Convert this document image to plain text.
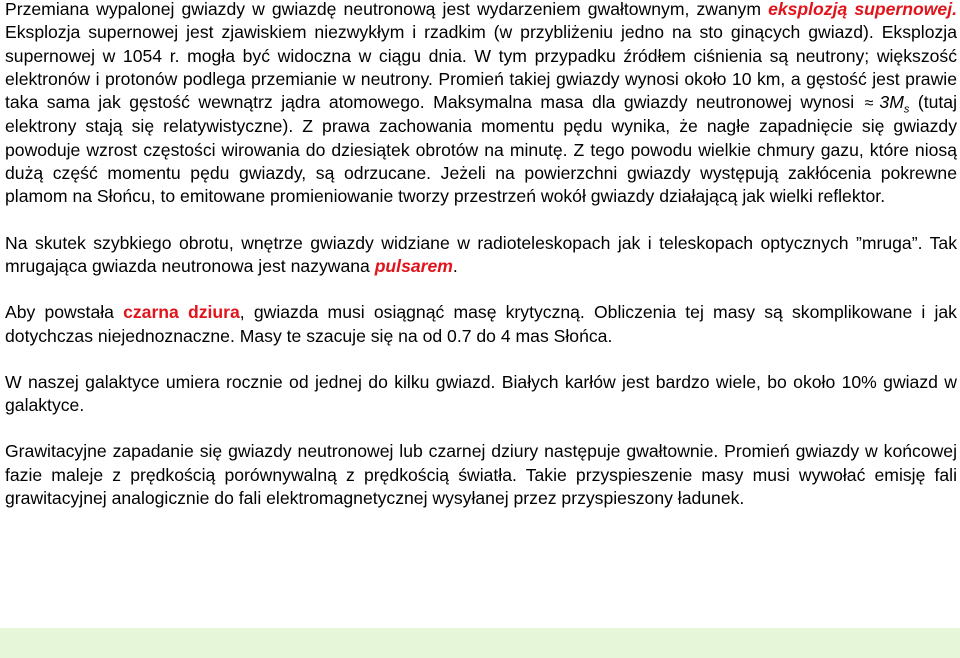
Przemiana wypalonej gwiazdy w gwiazdę neutronową jest wydarzeniem gwałtownym, zwanym eksplozją supernowej. Eksplozja supernowej jest zjawiskiem niezwykłym i rzadkim (w przybliżeniu jedno na sto ginących gwiazd). Eksplozja supernowej w 1054 r. mogła być widoczna w ciągu dnia. W tym przypadku źródłem ciśnienia są neutrony; większość elektronów i protonów podlega przemianie w neutrony. Promień takiej gwiazdy wynosi około 10 km, a gęstość jest prawie taka sama jak gęstość wewnątrz jądra atomowego. Maksymalna masa dla gwiazdy neutronowej wynosi ≈ $3M_s$ (tutaj elektrony stają się relatywistyczne). Z prawa zachowania momentu pędu wynika, że nagłe zapadnięcie się gwiazdy powoduje wzrost częstości wirowania do dziesiątek obrotów na minutę. Z tego powodu wielkie chmury gazu, które niosą dużą część momentu pędu gwiazdy, są odrzucane. Jeżeli na powierzchni gwiazdy występują zakłócenia pokrewne plamom na Słońcu, to emitowane promieniowanie tworzy przestrzeń wokół gwiazdy działającą jak wielki reflektor.

Na skutek szybkiego obrotu, wnętrze gwiazdy widziane w radioteleskopach jak i teleskopach optycznych ”mruga”. Tak mrugająca gwiazda neutronowa jest nazywana pulsarem.

Aby powstała czarna dziura, gwiazda musi osiągnąć masę krytyczną. Obliczenia tej masy są skomplikowane i jak dotychczas niejednoznaczne. Masy te szacuje się na od 0.7 do 4 mas Słońca.

W naszej galaktyce umiera rocznie od jednej do kilku gwiazd. Białych karłów jest bardzo wiele, bo około 10% gwiazd w galaktyce.

Grawitacyjne zapadanie się gwiazdy neutronowej lub czarnej dziury następuje gwałtownie. Promień gwiazdy w końcowej fazie maleje z prędkością porównywalną z prędkością światła. Takie przyspieszenie masy musi wywołać emisję fali grawitacyjnej analogicznie do fali elektromagnetycznej wysyłanej przez przyspieszony ładunek.
